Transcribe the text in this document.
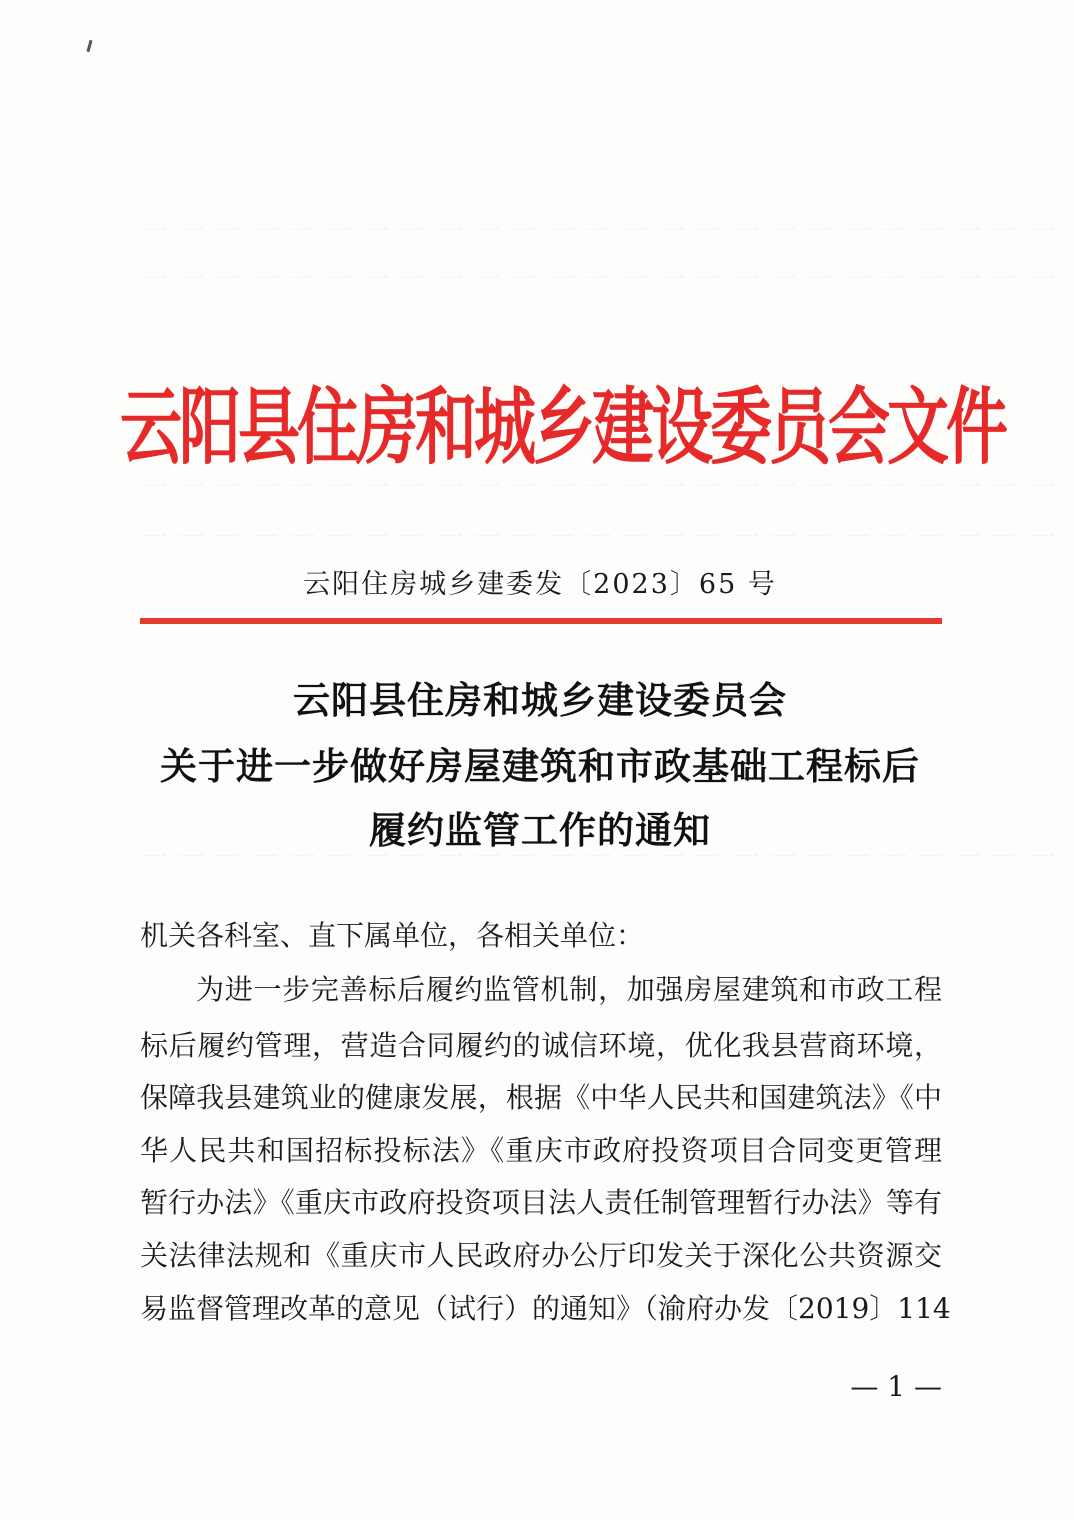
一一一一一一一一一一一一一一一一一一一一一一一一一
一一一一一一一一一一一一一一一一一一一一一一一一一
一一一一一一一一一一一一一一一一一一一一一一一一一
一一一一一一一一一一一一一一一一一一一一一一一一一
一一一一一一一一一一一一一一一一一一一一一一一一一
云阳县住房和城乡建设委员会文件
云阳住房城乡建委发〔2023〕65 号
云阳县住房和城乡建设委员会
关于进一步做好房屋建筑和市政基础工程标后
履约监管工作的通知
机关各科室、直下属单位，各相关单位：
为进一步完善标后履约监管机制，加强房屋建筑和市政工程
标后履约管理，营造合同履约的诚信环境，优化我县营商环境，
保障我县建筑业的健康发展，根据《中华人民共和国建筑法》《中
华人民共和国招标投标法》《重庆市政府投资项目合同变更管理
暂行办法》《重庆市政府投资项目法人责任制管理暂行办法》等有
关法律法规和《重庆市人民政府办公厅印发关于深化公共资源交
易监督管理改革的意见（试行）的通知》（渝府办发〔2019〕114
— 1 —
